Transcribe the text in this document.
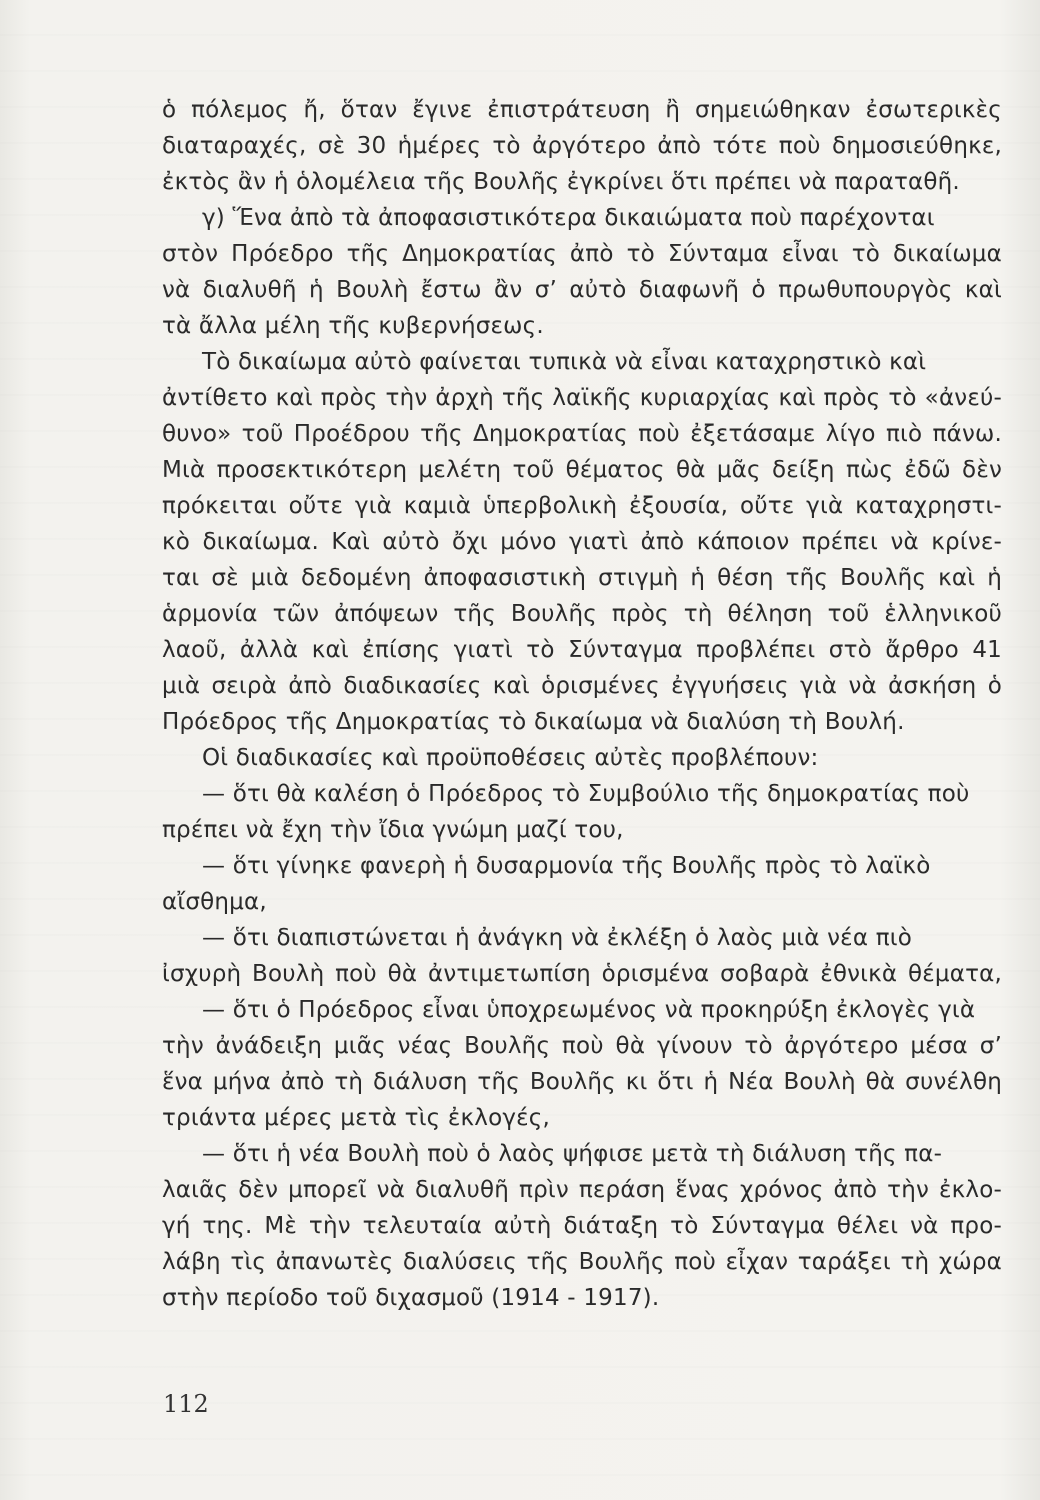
ὁ πόλεμος ἤ, ὅταν ἔγινε ἐπιστράτευση ἢ σημειώθηκαν ἐσωτερικὲς
διαταραχές, σὲ 30 ἡμέρες τὸ ἀργότερο ἀπὸ τότε ποὺ δημοσιεύθηκε,
ἐκτὸς ἂν ἡ ὁλομέλεια τῆς Βουλῆς ἐγκρίνει ὅτι πρέπει νὰ παραταθῆ.
γ) Ἕνα ἀπὸ τὰ ἀποφασιστικότερα δικαιώματα ποὺ παρέχονται
στὸν Πρόεδρο τῆς Δημοκρατίας ἀπὸ τὸ Σύνταμα εἶναι τὸ δικαίωμα
νὰ διαλυθῆ ἡ Βουλὴ ἔστω ἂν σ’ αὐτὸ διαφωνῆ ὁ πρωθυπουργὸς καὶ
τὰ ἄλλα μέλη τῆς κυβερνήσεως.
Τὸ δικαίωμα αὐτὸ φαίνεται τυπικὰ νὰ εἶναι καταχρηστικὸ καὶ
ἀντίθετο καὶ πρὸς τὴν ἀρχὴ τῆς λαϊκῆς κυριαρχίας καὶ πρὸς τὸ «ἀνεύ-
θυνο» τοῦ Προέδρου τῆς Δημοκρατίας ποὺ ἐξετάσαμε λίγο πιὸ πάνω.
Μιὰ προσεκτικότερη μελέτη τοῦ θέματος θὰ μᾶς δείξη πὼς ἐδῶ δὲν
πρόκειται οὔτε γιὰ καμιὰ ὑπερβολικὴ ἐξουσία, οὔτε γιὰ καταχρηστι-
κὸ δικαίωμα. Καὶ αὐτὸ ὄχι μόνο γιατὶ ἀπὸ κάποιον πρέπει νὰ κρίνε-
ται σὲ μιὰ δεδομένη ἀποφασιστικὴ στιγμὴ ἡ θέση τῆς Βουλῆς καὶ ἡ
ἁρμονία τῶν ἀπόψεων τῆς Βουλῆς πρὸς τὴ θέληση τοῦ ἑλληνικοῦ
λαοῦ, ἀλλὰ καὶ ἐπίσης γιατὶ τὸ Σύνταγμα προβλέπει στὸ ἄρθρο 41
μιὰ σειρὰ ἀπὸ διαδικασίες καὶ ὁρισμένες ἐγγυήσεις γιὰ νὰ ἀσκήση ὁ
Πρόεδρος τῆς Δημοκρατίας τὸ δικαίωμα νὰ διαλύση τὴ Βουλή.
Οἱ διαδικασίες καὶ προϋποθέσεις αὐτὲς προβλέπουν:
— ὅτι θὰ καλέση ὁ Πρόεδρος τὸ Συμβούλιο τῆς δημοκρατίας ποὺ
πρέπει νὰ ἔχη τὴν ἴδια γνώμη μαζί του,
— ὅτι γίνηκε φανερὴ ἡ δυσαρμονία τῆς Βουλῆς πρὸς τὸ λαϊκὸ
αἴσθημα,
— ὅτι διαπιστώνεται ἡ ἀνάγκη νὰ ἐκλέξη ὁ λαὸς μιὰ νέα πιὸ
ἰσχυρὴ Βουλὴ ποὺ θὰ ἀντιμετωπίση ὁρισμένα σοβαρὰ ἐθνικὰ θέματα,
— ὅτι ὁ Πρόεδρος εἶναι ὑποχρεωμένος νὰ προκηρύξη ἐκλογὲς γιὰ
τὴν ἀνάδειξη μιᾶς νέας Βουλῆς ποὺ θὰ γίνουν τὸ ἀργότερο μέσα σ’
ἕνα μήνα ἀπὸ τὴ διάλυση τῆς Βουλῆς κι ὅτι ἡ Νέα Βουλὴ θὰ συνέλθη
τριάντα μέρες μετὰ τὶς ἐκλογές,
— ὅτι ἡ νέα Βουλὴ ποὺ ὁ λαὸς ψήφισε μετὰ τὴ διάλυση τῆς πα-
λαιᾶς δὲν μπορεῖ νὰ διαλυθῆ πρὶν περάση ἕνας χρόνος ἀπὸ τὴν ἐκλο-
γή της. Μὲ τὴν τελευταία αὐτὴ διάταξη τὸ Σύνταγμα θέλει νὰ προ-
λάβη τὶς ἀπανωτὲς διαλύσεις τῆς Βουλῆς ποὺ εἶχαν ταράξει τὴ χώρα
στὴν περίοδο τοῦ διχασμοῦ (1914 - 1917).
112
